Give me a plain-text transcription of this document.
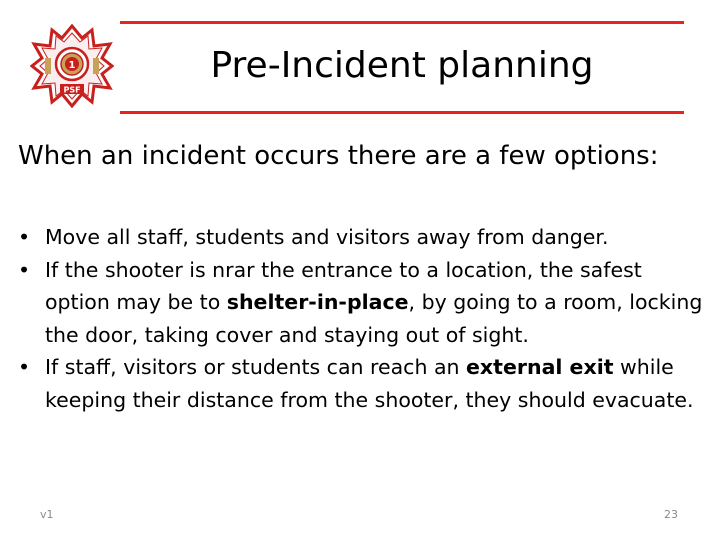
1
PSF
Pre-Incident planning
When an incident occurs there are a few options:
• Move all staff, students and visitors away from danger.
• If the shooter is nrar the entrance to a location, the safest option may be to shelter-in-place, by going to a room, locking the door, taking cover and staying out of sight.
• If staff, visitors or students can reach an external exit while keeping their distance from the shooter, they should evacuate.
v1	23
